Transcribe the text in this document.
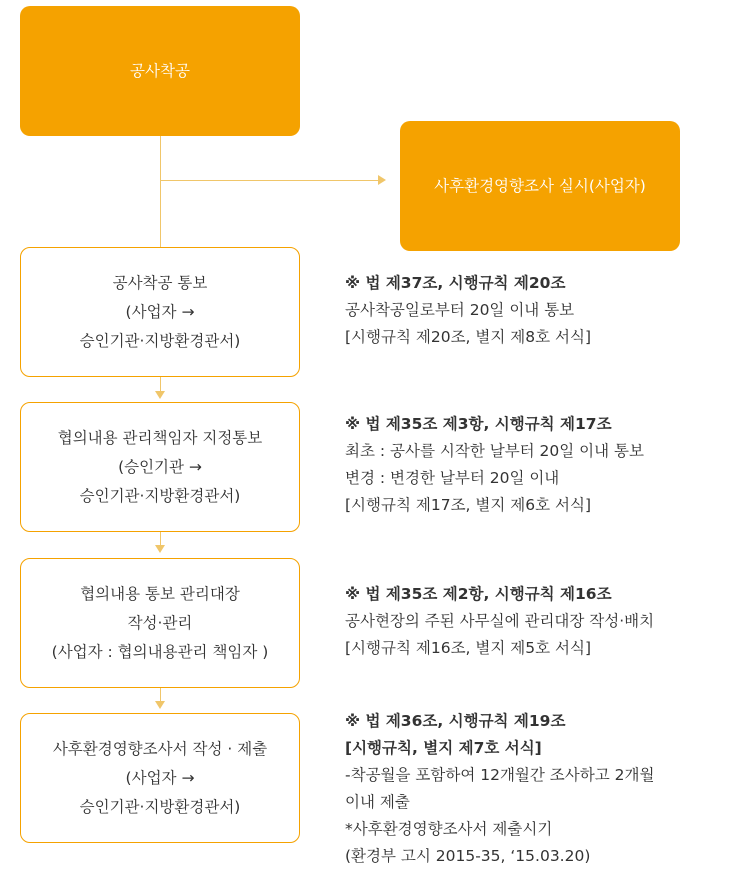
공사착공
사후환경영향조사 실시(사업자)
공사착공 통보
(사업자 →
승인기관·지방환경관서)
협의내용 관리책임자 지정통보
(승인기관 →
승인기관·지방환경관서)
협의내용 통보 관리대장
작성·관리
(사업자 : 협의내용관리 책임자 )
사후환경영향조사서 작성 · 제출
(사업자 →
승인기관·지방환경관서)
※ 법 제37조, 시행규칙 제20조
공사착공일로부터 20일 이내 통보
[시행규칙 제20조, 별지 제8호 서식]
※ 법 제35조 제3항, 시행규칙 제17조
최초 : 공사를 시작한 날부터 20일 이내 통보
변경 : 변경한 날부터 20일 이내
[시행규칙 제17조, 별지 제6호 서식]
※ 법 제35조 제2항, 시행규칙 제16조
공사현장의 주된 사무실에 관리대장 작성·배치
[시행규칙 제16조, 별지 제5호 서식]
※ 법 제36조, 시행규칙 제19조
[시행규칙, 별지 제7호 서식]
-착공월을 포함하여 12개월간 조사하고 2개월
이내 제출
*사후환경영향조사서 제출시기
(환경부 고시 2015-35, ‘15.03.20)
